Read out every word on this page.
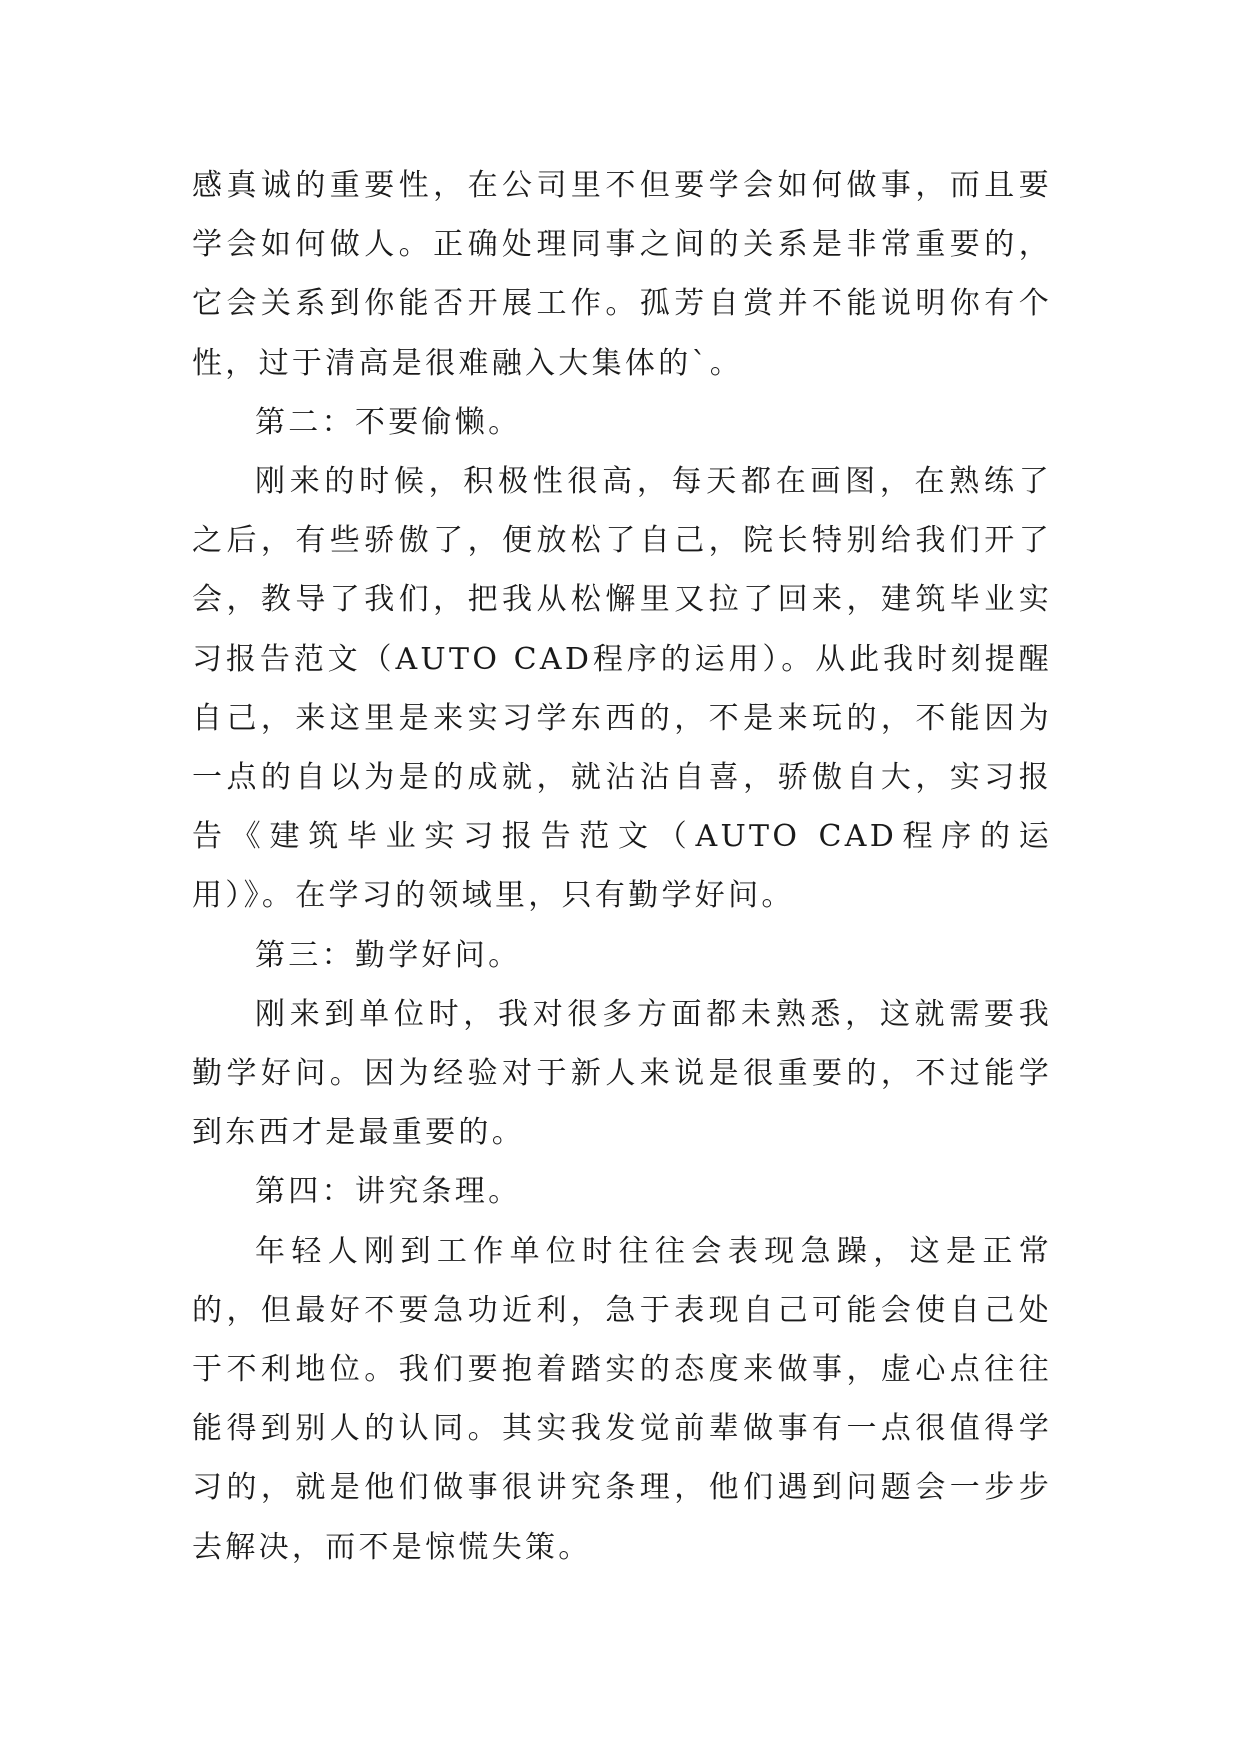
感真诚的重要性，在公司里不但要学会如何做事，而且要学会如何做人。正确处理同事之间的关系是非常重要的，它会关系到你能否开展工作。孤芳自赏并不能说明你有个性，过于清高是很难融入大集体的`。

第二：不要偷懒。

刚来的时候，积极性很高，每天都在画图，在熟练了之后，有些骄傲了，便放松了自己，院长特别给我们开了会，教导了我们，把我从松懈里又拉了回来，建筑毕业实习报告范文（AUTO CAD程序的运用）。从此我时刻提醒自己，来这里是来实习学东西的，不是来玩的，不能因为一点的自以为是的成就，就沾沾自喜，骄傲自大，实习报告《建筑毕业实习报告范文（AUTO CAD程序的运用）》。在学习的领域里，只有勤学好问。

第三：勤学好问。

刚来到单位时，我对很多方面都未熟悉，这就需要我勤学好问。因为经验对于新人来说是很重要的，不过能学到东西才是最重要的。

第四：讲究条理。

年轻人刚到工作单位时往往会表现急躁，这是正常的，但最好不要急功近利，急于表现自己可能会使自己处于不利地位。我们要抱着踏实的态度来做事，虚心点往往能得到别人的认同。其实我发觉前辈做事有一点很值得学习的，就是他们做事很讲究条理，他们遇到问题会一步步去解决，而不是惊慌失策。
